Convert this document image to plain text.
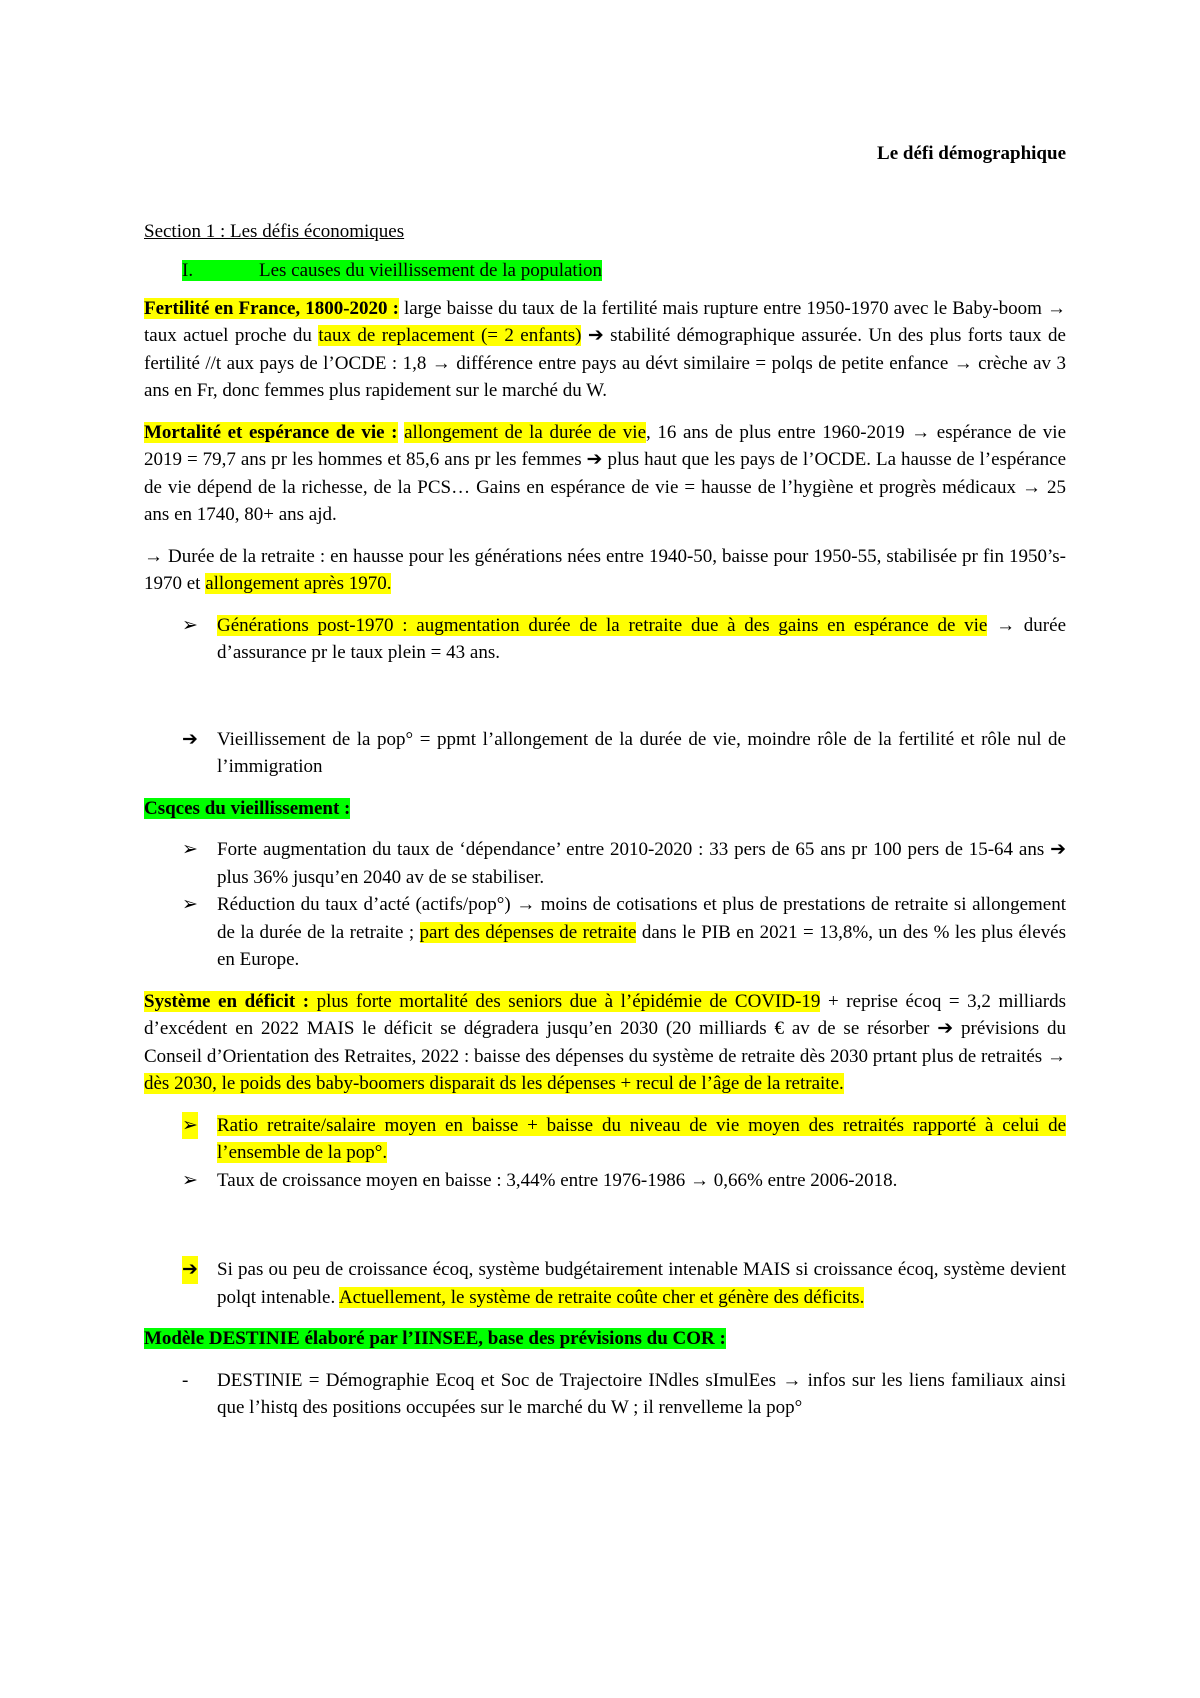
Le défi démographique
Section 1 : Les défis économiques
I.	Les causes du vieillissement de la population

Fertilité en France, 1800-2020 : large baisse du taux de la fertilité mais rupture entre 1950-1970 avec le Baby-boom → taux actuel proche du taux de replacement (= 2 enfants) ➔ stabilité démographique assurée. Un des plus forts taux de fertilité //t aux pays de l’OCDE : 1,8 → différence entre pays au dévt similaire = polqs de petite enfance → crèche av 3 ans en Fr, donc femmes plus rapidement sur le marché du W.

Mortalité et espérance de vie : allongement de la durée de vie, 16 ans de plus entre 1960-2019 → espérance de vie 2019 = 79,7 ans pr les hommes et 85,6 ans pr les femmes ➔ plus haut que les pays de l’OCDE. La hausse de l’espérance de vie dépend de la richesse, de la PCS… Gains en espérance de vie = hausse de l’hygiène et progrès médicaux → 25 ans en 1740, 80+ ans ajd.

→ Durée de la retraite : en hausse pour les générations nées entre 1940-50, baisse pour 1950-55, stabilisée pr fin 1950’s-1970 et allongement après 1970.

➢ Générations post-1970 : augmentation durée de la retraite due à des gains en espérance de vie → durée d’assurance pr le taux plein = 43 ans.
➔ Vieillissement de la pop° = ppmt l’allongement de la durée de vie, moindre rôle de la fertilité et rôle nul de l’immigration

Csqces du vieillissement :

➢ Forte augmentation du taux de ‘dépendance’ entre 2010-2020 : 33 pers de 65 ans pr 100 pers de 15-64 ans ➔ plus 36% jusqu’en 2040 av de se stabiliser.
➢ Réduction du taux d’acté (actifs/pop°) → moins de cotisations et plus de prestations de retraite si allongement de la durée de la retraite ; part des dépenses de retraite dans le PIB en 2021 = 13,8%, un des % les plus élevés en Europe.

Système en déficit : plus forte mortalité des seniors due à l’épidémie de COVID-19 + reprise écoq = 3,2 milliards d’excédent en 2022 MAIS le déficit se dégradera jusqu’en 2030 (20 milliards € av de se résorber ➔ prévisions du Conseil d’Orientation des Retraites, 2022 : baisse des dépenses du système de retraite dès 2030 prtant plus de retraités → dès 2030, le poids des baby-boomers disparait ds les dépenses + recul de l’âge de la retraite.

➢ Ratio retraite/salaire moyen en baisse + baisse du niveau de vie moyen des retraités rapporté à celui de l’ensemble de la pop°.
➢ Taux de croissance moyen en baisse : 3,44% entre 1976-1986 → 0,66% entre 2006-2018.
➔ Si pas ou peu de croissance écoq, système budgétairement intenable MAIS si croissance écoq, système devient polqt intenable. Actuellement, le système de retraite coûte cher et génère des déficits.

Modèle DESTINIE élaboré par l’IINSEE, base des prévisions du COR :

- DESTINIE = Démographie Ecoq et Soc de Trajectoire INdles sImulEes → infos sur les liens familiaux ainsi que l’histq des positions occupées sur le marché du W ; il renvelleme la pop°
